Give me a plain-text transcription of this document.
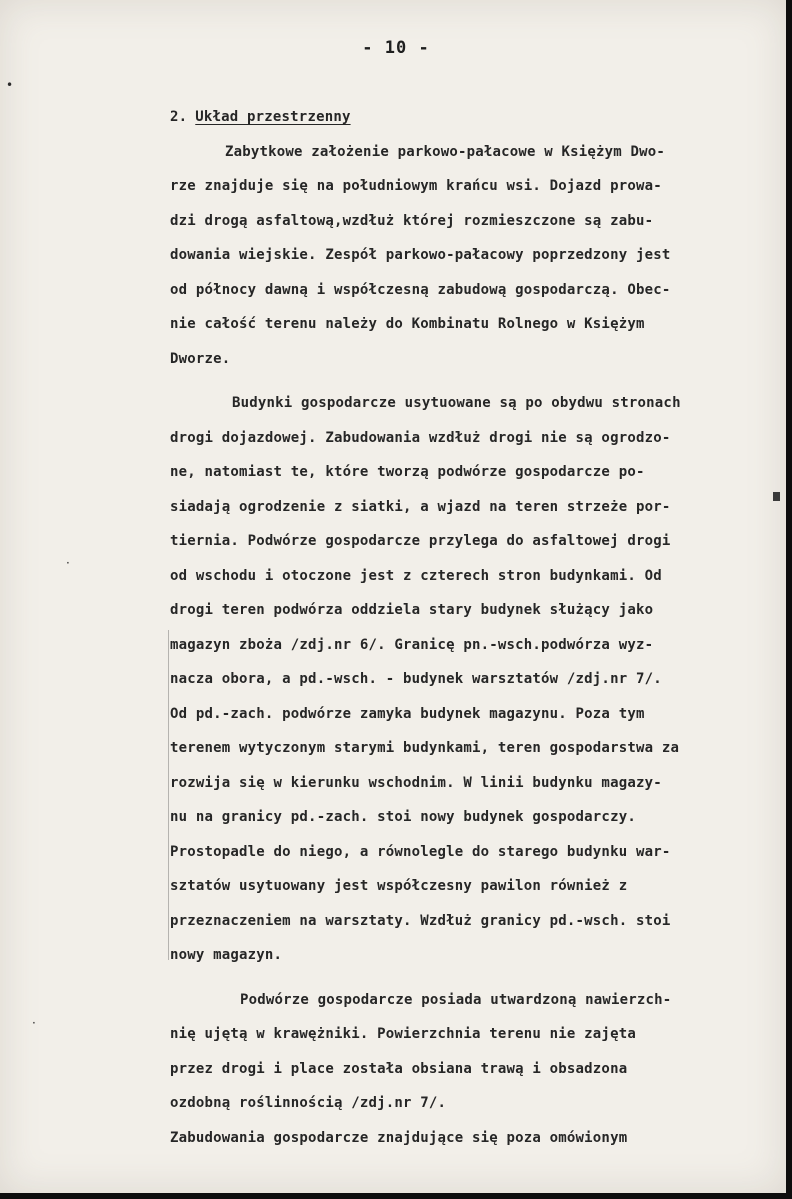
•
·
·
- 10 -
2. Układ przestrzenny
Zabytkowe założenie parkowo-pałacowe w Księżym Dwo-
rze znajduje się na południowym krańcu wsi. Dojazd prowa-
dzi drogą asfaltową,wzdłuż której rozmieszczone są zabu-
dowania wiejskie. Zespół parkowo-pałacowy poprzedzony jest
od północy dawną i współczesną zabudową gospodarczą. Obec-
nie całość terenu należy do Kombinatu Rolnego w Księżym
Dworze.
Budynki gospodarcze usytuowane są po obydwu stronach
drogi dojazdowej. Zabudowania wzdłuż drogi nie są ogrodzo-
ne, natomiast te, które tworzą podwórze gospodarcze po-
siadają ogrodzenie z siatki, a wjazd na teren strzeże por-
tiernia. Podwórze gospodarcze przylega do asfaltowej drogi
od wschodu i otoczone jest z czterech stron budynkami. Od
drogi teren podwórza oddziela stary budynek służący jako
magazyn zboża /zdj.nr 6/. Granicę pn.-wsch.podwórza wyz-
nacza obora, a pd.-wsch. - budynek warsztatów /zdj.nr 7/.
Od pd.-zach. podwórze zamyka budynek magazynu. Poza tym
terenem wytyczonym starymi budynkami, teren gospodarstwa za
rozwija się w kierunku wschodnim. W linii budynku magazy-
nu na granicy pd.-zach. stoi nowy budynek gospodarczy.
Prostopadle do niego, a równolegle do starego budynku war-
sztatów usytuowany jest współczesny pawilon również z
przeznaczeniem na warsztaty. Wzdłuż granicy pd.-wsch. stoi
nowy magazyn.
Podwórze gospodarcze posiada utwardzoną nawierzch-
nię ujętą w krawężniki. Powierzchnia terenu nie zajęta
przez drogi i place została obsiana trawą i obsadzona
ozdobną roślinnością /zdj.nr 7/.
Zabudowania gospodarcze znajdujące się poza omówionym
